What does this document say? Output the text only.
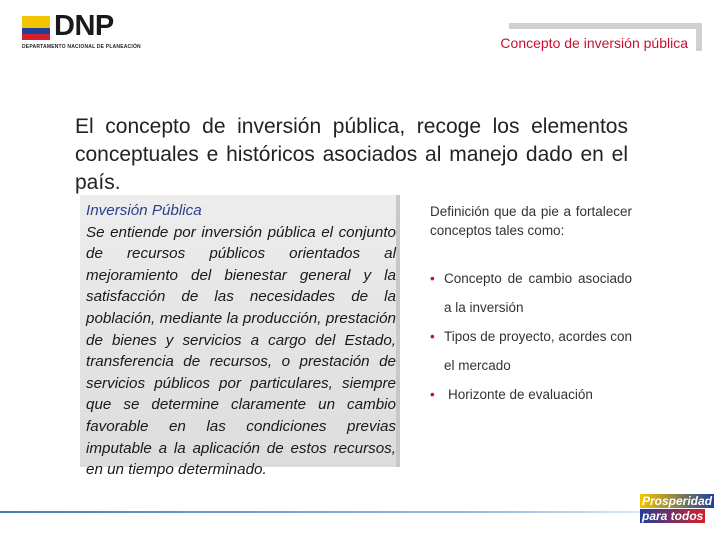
DNP
DEPARTAMENTO NACIONAL DE PLANEACIÓN	Concepto de inversión pública

El concepto de inversión pública, recoge los elementos conceptuales e históricos asociados al manejo dado en el país.

Inversión Pública
Se entiende por inversión pública el conjunto de recursos públicos orientados al mejoramiento del bienestar general y la satisfacción de las necesidades de la población, mediante la producción, prestación de bienes y servicios a cargo del Estado, transferencia de recursos, o prestación de servicios públicos por particulares, siempre que se determine claramente un cambio favorable en las condiciones previas imputable a la aplicación de estos recursos, en un tiempo determinado.

Definición que da pie a fortalecer conceptos tales como:

• Concepto de cambio asociado a la inversión
• Tipos de proyecto, acordes con el mercado
• Horizonte de evaluación
Prosperidad
para todos
